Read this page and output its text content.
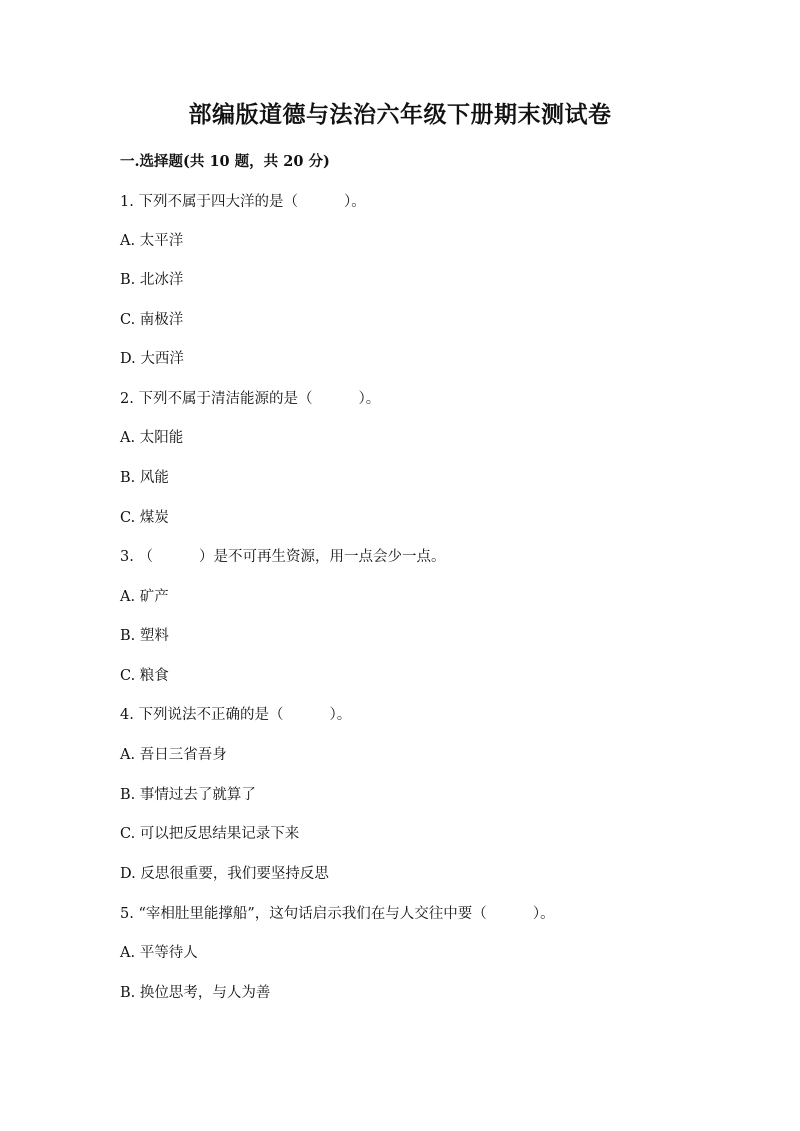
部编版道德与法治六年级下册期末测试卷
一.选择题(共 10 题，共 20 分)
1. 下列不属于四大洋的是（          ）。
A. 太平洋
B. 北冰洋
C. 南极洋
D. 大西洋
2. 下列不属于清洁能源的是（          ）。
A. 太阳能
B. 风能
C. 煤炭
3. （          ）是不可再生资源，用一点会少一点。
A. 矿产
B. 塑料
C. 粮食
4. 下列说法不正确的是（          ）。
A. 吾日三省吾身
B. 事情过去了就算了
C. 可以把反思结果记录下来
D. 反思很重要，我们要坚持反思
5. “宰相肚里能撑船”，这句话启示我们在与人交往中要（          ）。
A. 平等待人
B. 换位思考，与人为善
